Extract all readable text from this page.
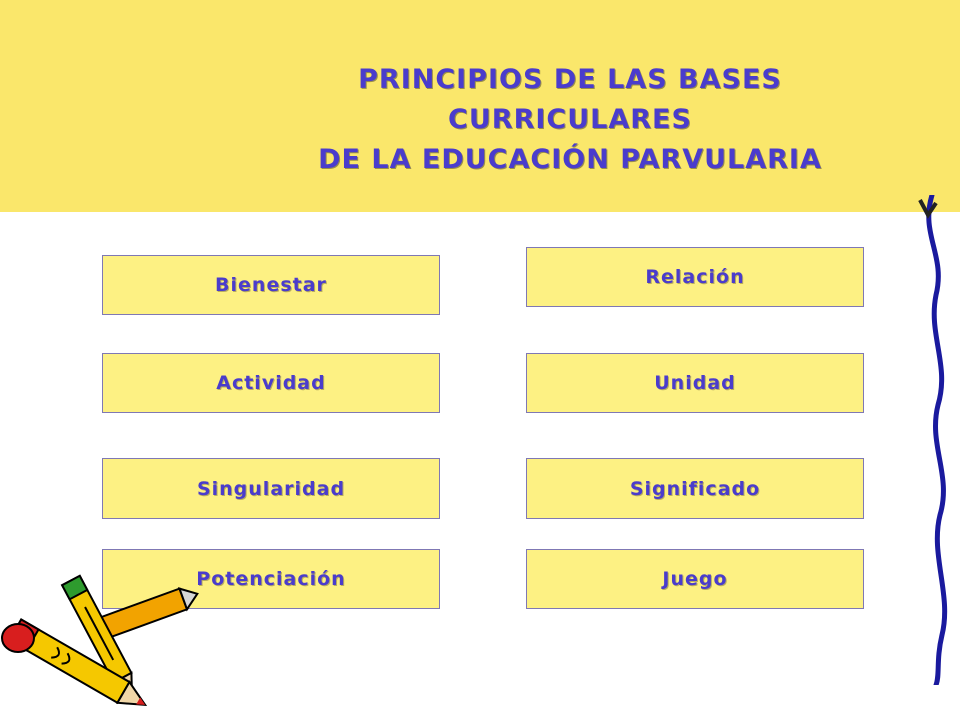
PRINCIPIOS DE LAS BASES
CURRICULARES
DE LA EDUCACIÓN PARVULARIA
Bienestar
Actividad
Singularidad
Potenciación
Relación
Unidad
Significado
Juego
